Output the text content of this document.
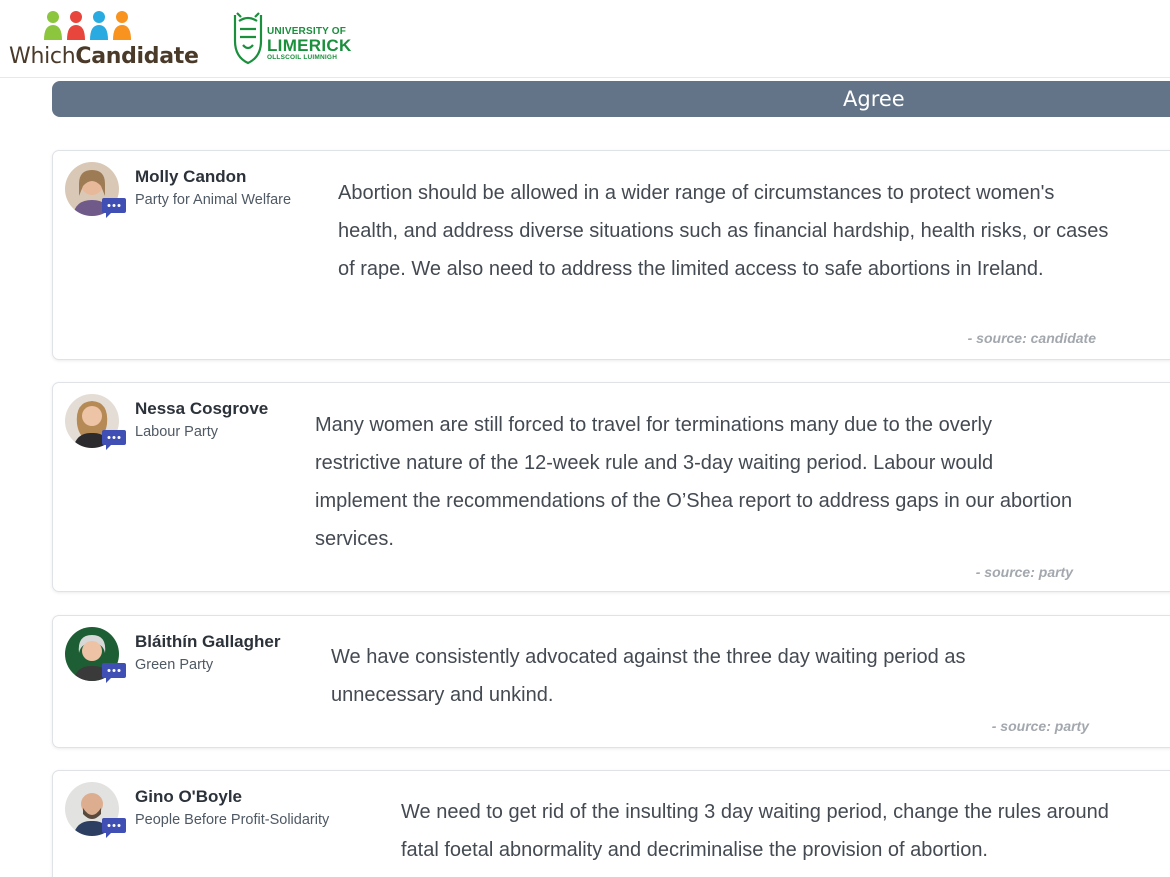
WhichCandidate
UNIVERSITY OF
LIMERICK
OLLSCOIL LUIMNIGH
Agree
Molly Candon
Party for Animal Welfare Abortion should be allowed in a wider range of circumstances to protect women's health, and address diverse situations such as financial hardship, health risks, or cases of rape. We also need to address the limited access to safe abortions in Ireland.
- source: candidate
Nessa Cosgrove
Labour Party	Many women are still forced to travel for terminations many due to the overly restrictive nature of the 12-week rule and 3-day waiting period. Labour would implement the recommendations of the O’Shea report to address gaps in our abortion services.
- source: party
Bláithín Gallagher
Green Party	We have consistently advocated against the three day waiting period as unnecessary and unkind.
- source: party
Gino O'Boyle
People Before Profit-Solidarity	We need to get rid of the insulting 3 day waiting period, change the rules around fatal foetal abnormality and decriminalise the provision of abortion.
